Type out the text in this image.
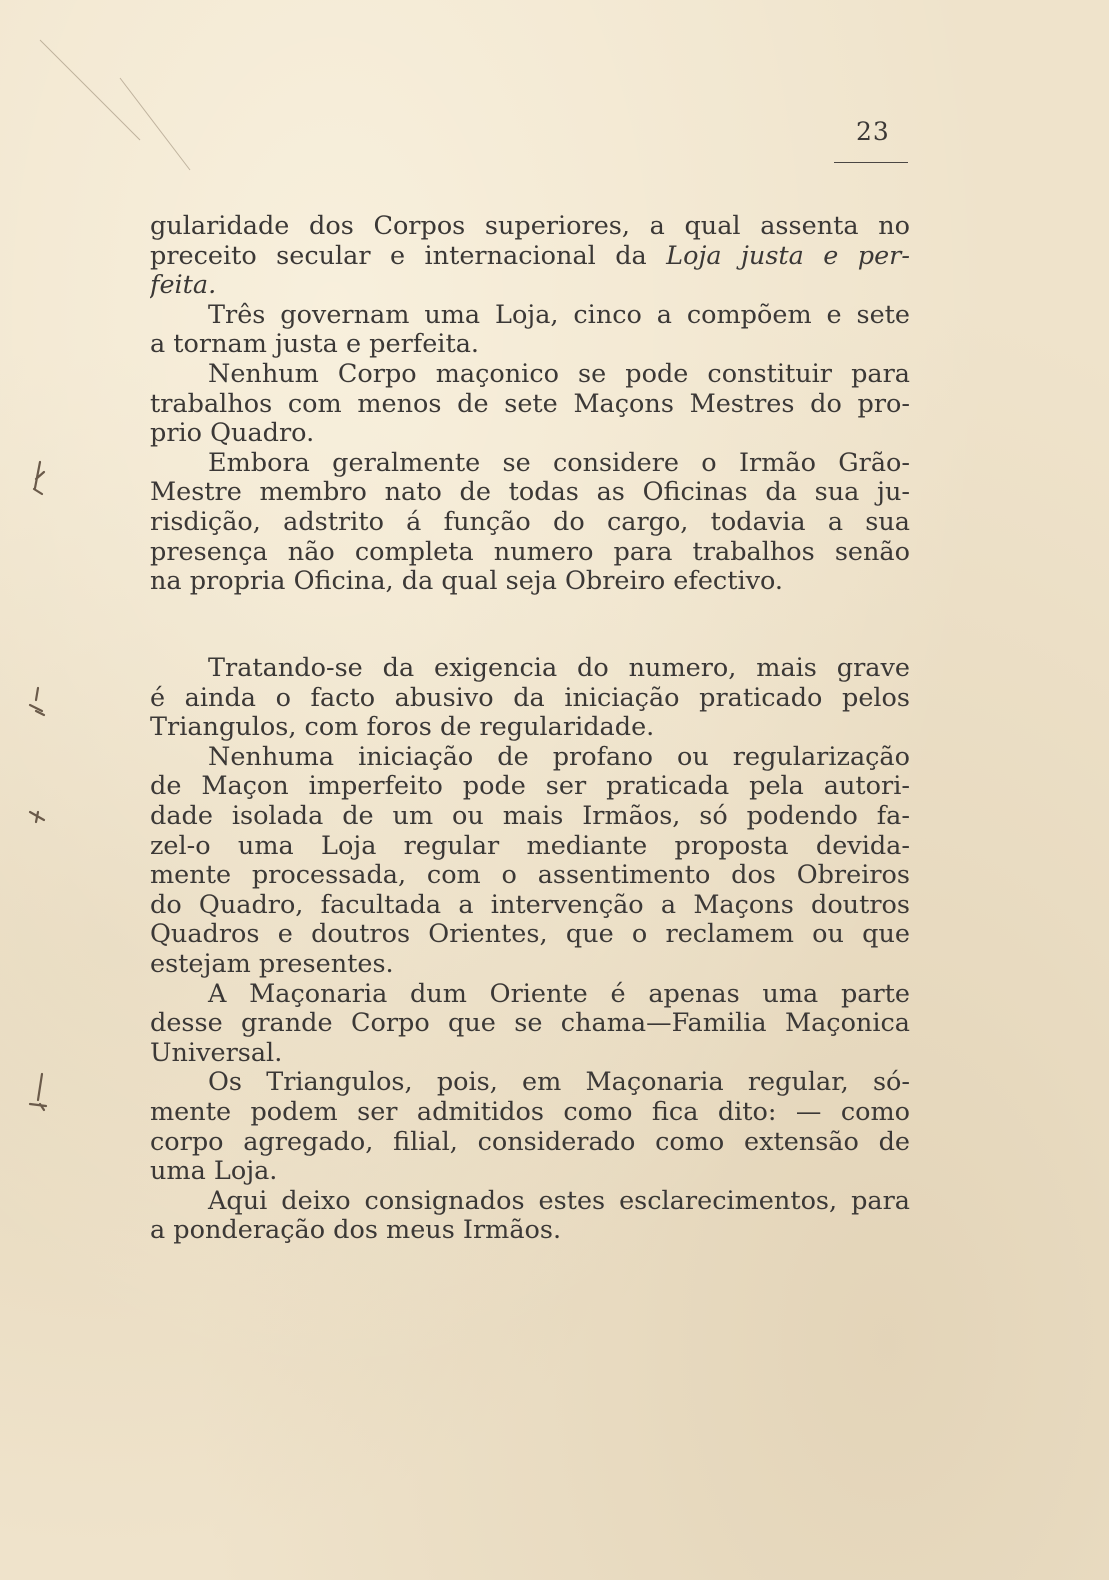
23
gularidade dos Corpos superiores, a qual assenta no
preceito secular e internacional da Loja justa e per-
feita.
Três governam uma Loja, cinco a compõem e sete
a tornam justa e perfeita.
Nenhum Corpo maçonico se pode constituir para
trabalhos com menos de sete Maçons Mestres do pro-
prio Quadro.
Embora geralmente se considere o Irmão Grão-
Mestre membro nato de todas as Oficinas da sua ju-
risdição, adstrito á função do cargo, todavia a sua
presença não completa numero para trabalhos senão
na propria Oficina, da qual seja Obreiro efectivo.
Tratando-se da exigencia do numero, mais grave
é ainda o facto abusivo da iniciação praticado pelos
Triangulos, com foros de regularidade.
Nenhuma iniciação de profano ou regularização
de Maçon imperfeito pode ser praticada pela autori-
dade isolada de um ou mais Irmãos, só podendo fa-
zel-o uma Loja regular mediante proposta devida-
mente processada, com o assentimento dos Obreiros
do Quadro, facultada a intervenção a Maçons doutros
Quadros e doutros Orientes, que o reclamem ou que
estejam presentes.
A Maçonaria dum Oriente é apenas uma parte
desse grande Corpo que se chama—Familia Maçonica
Universal.
Os Triangulos, pois, em Maçonaria regular, só-
mente podem ser admitidos como fica dito: — como
corpo agregado, filial, considerado como extensão de
uma Loja.
Aqui deixo consignados estes esclarecimentos, para
a ponderação dos meus Irmãos.
